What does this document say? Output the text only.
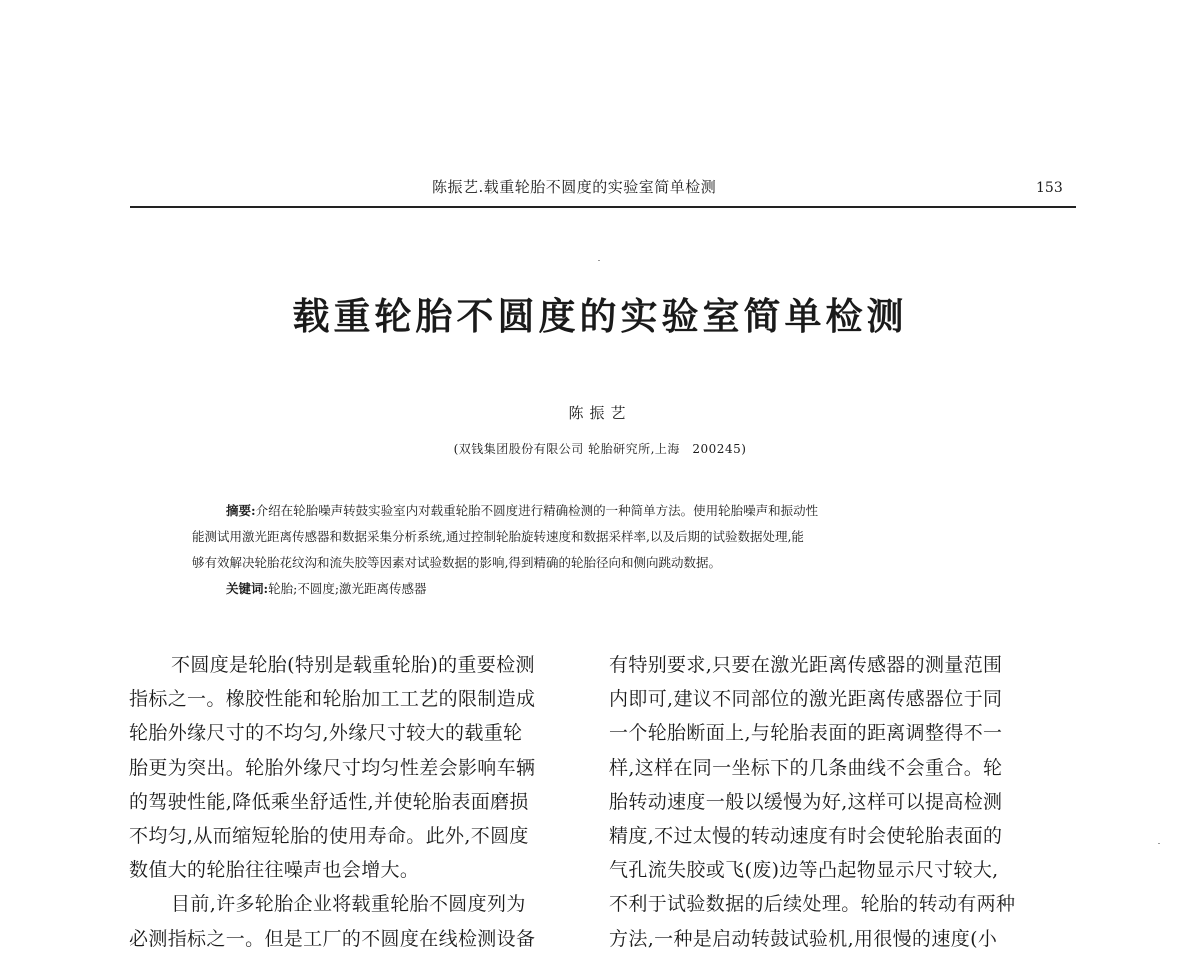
陈振艺.载重轮胎不圆度的实验室简单检测	153
载重轮胎不圆度的实验室简单检测
陈振艺
(双钱集团股份有限公司 轮胎研究所,上海　200245)
摘要:介绍在轮胎噪声转鼓实验室内对载重轮胎不圆度进行精确检测的一种简单方法。使用轮胎噪声和振动性
能测试用激光距离传感器和数据采集分析系统,通过控制轮胎旋转速度和数据采样率,以及后期的试验数据处理,能
够有效解决轮胎花纹沟和流失胶等因素对试验数据的影响,得到精确的轮胎径向和侧向跳动数据。
关键词:轮胎;不圆度;激光距离传感器
不圆度是轮胎(特别是载重轮胎)的重要检测
指标之一。橡胶性能和轮胎加工工艺的限制造成
轮胎外缘尺寸的不均匀,外缘尺寸较大的载重轮
胎更为突出。轮胎外缘尺寸均匀性差会影响车辆
的驾驶性能,降低乘坐舒适性,并使轮胎表面磨损
不均匀,从而缩短轮胎的使用寿命。此外,不圆度
数值大的轮胎往往噪声也会增大。
目前,许多轮胎企业将载重轮胎不圆度列为
必测指标之一。但是工厂的不圆度在线检测设备
有特别要求,只要在激光距离传感器的测量范围
内即可,建议不同部位的激光距离传感器位于同
一个轮胎断面上,与轮胎表面的距离调整得不一
样,这样在同一坐标下的几条曲线不会重合。轮
胎转动速度一般以缓慢为好,这样可以提高检测
精度,不过太慢的转动速度有时会使轮胎表面的
气孔流失胶或飞(废)边等凸起物显示尺寸较大,
不利于试验数据的后续处理。轮胎的转动有两种
方法,一种是启动转鼓试验机,用很慢的速度(小
